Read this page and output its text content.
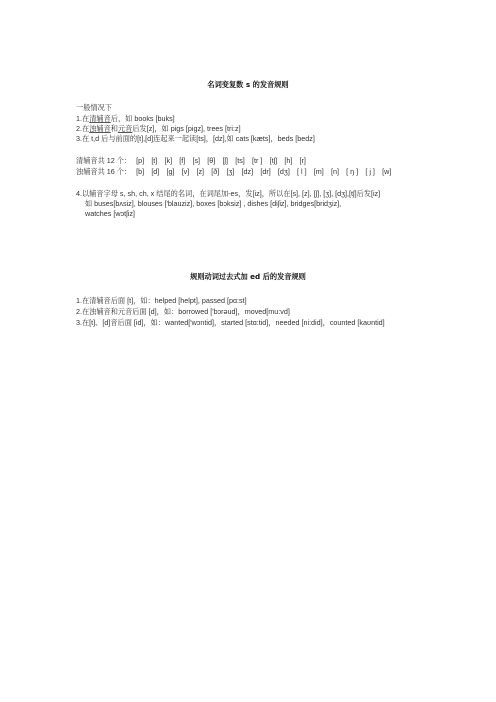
名词变复数 s 的发音规则
一般情况下
1.在清辅音后，如 books [buks]
2.在浊辅音和元音后发[z]，如 pigs [pigz], trees [tri:z]
3.在 t,d 后与前面的[t],[d]连起来一起读[ts]，[dz],如 cats [kæts]，beds [bedz]
清辅音共 12 个： [p] [t] [k] [f] [s] [θ] [ʃ] [ts] [tr ] [tʃ] [h] [r]
浊辅音共 16 个： [b] [d] [g] [v] [z] [ð] [ʒ] [dz] [dr] [dʒ] [ l ] [m] [n] [ ŋ ] [ j ] [w]
4.以辅音字母 s, sh, ch, x 结尾的名词，在词尾加-es，发[iz]，所以在[s], [z], [ʃ], [ʒ], [dʒ],[tʃ]后发[iz]
如 buses[bʌsiz], blouses ['blauziz], boxes [bɔksiz] , dishes [diʃiz], bridges[bridʒiz],
watches [wɔtʃiz]
规则动词过去式加 ed 后的发音规则
1.在清辅音后面 [t]，如：helped [helpt], passed [pɑ:st]
2.在浊辅音和元音后面 [d]，如：borrowed ['bɔrəud]，moved[mu:vd]
3.在[t]、[d]音后面 [id]，如：wanted['wɔntid]，started [stɑ:tid]，needed [ni:did]，counted [kaʊntid]
